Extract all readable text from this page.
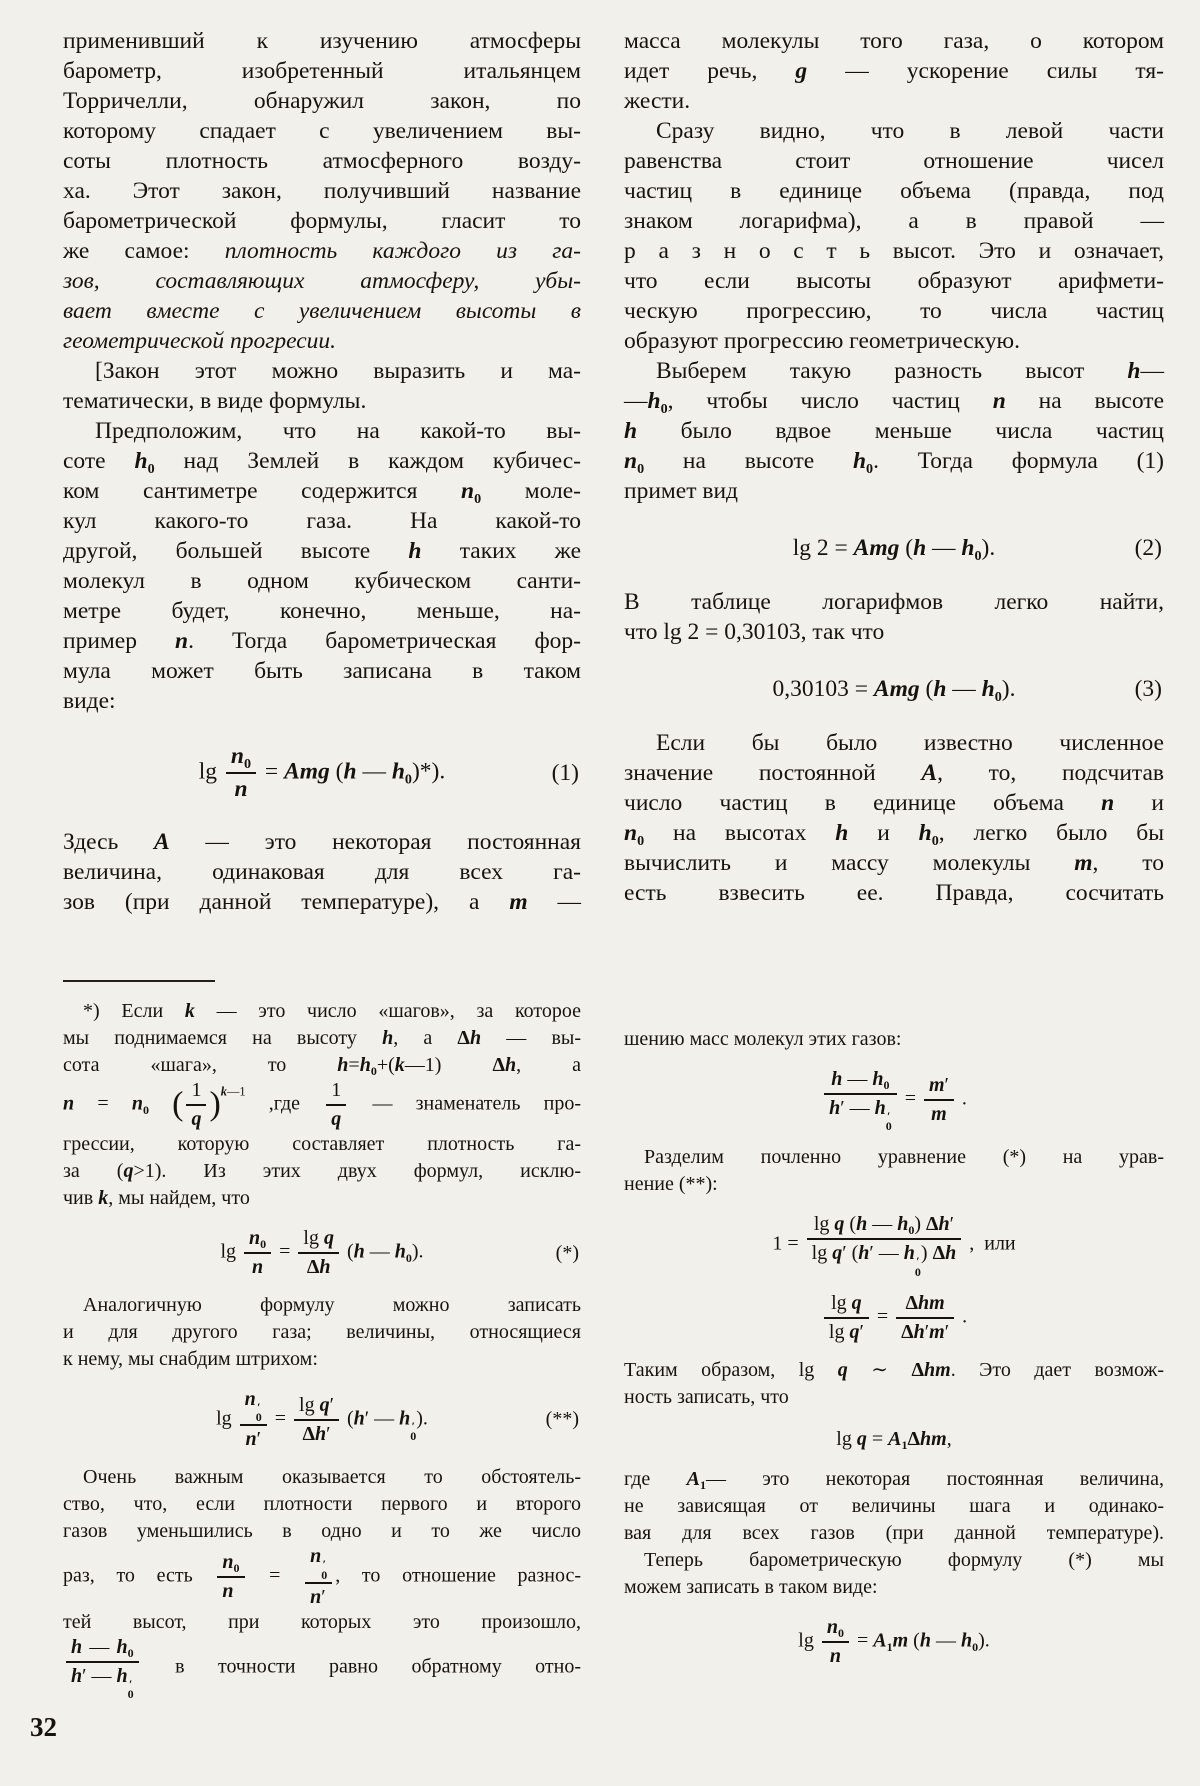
применивший к изучению атмосферы
барометр, изобретенный итальянцем
Торричелли, обнаружил закон, по
которому спадает с увеличением вы-
соты плотность атмосферного возду-
ха. Этот закон, получивший название
барометрической формулы, гласит то
же самое: плотность каждого из га-
зов, составляющих атмосферу, убы-
вает вместе с увеличением высоты в
геометрической прогресии.
[Закон этот можно выразить и ма-
тематически, в виде формулы.
Предположим, что на какой-то вы-
соте $h_0$ над Землей в каждом кубичес-
ком сантиметре содержится $n_0$ моле-
кул какого-то газа. На какой-то
другой, большей высоте h таких же
молекул в одном кубическом санти-
метре будет, конечно, меньше, на-
пример n. Тогда барометрическая фор-
мула может быть записана в таком
виде:
$\lg \frac{n_0}{n}$ = Amg (h — $h_0)*$).	(1)
Здесь A — это некоторая постоянная
величина, одинаковая для всех га-
зов (при данной температуре), а m —
масса молекулы того газа, о котором
идет речь, g — ускорение силы тя-
жести.
Сразу видно, что в левой части
равенства стоит отношение чисел
частиц в единице объема (правда, под
знаком логарифма), а в правой —
р а з н о с т ь высот. Это и означает,
что если высоты образуют арифмети-
ческую прогрессию, то числа частиц
образуют прогрессию геометрическую.
Выберем такую разность высот h—
$—h_0$, чтобы число частиц n на высоте
h было вдвое меньше числа частиц
$n_0$ на высоте $h_0$. Тогда формула (1)
примет вид
lg 2 = Amg (h — $h_0$).	(2)
В таблице логарифмов легко найти,
что lg 2 = 0,30103, так что
0,30103 = Amg (h — $h_0$).	(3)
Если бы было известно численное
значение постоянной A, то, подсчитав
число частиц в единице объема n и
$n_0$ на высотах h и $h_0$, легко было бы
вычислить и массу молекулы m, то
есть взвесить ее. Правда, сосчитать
*) Если k — это число «шагов», за которое
мы поднимаемся на высоту h, а Δh — вы-
сота «шага», то $h=h_0+(k—1)$ Δh, а
$n = n_0$ ( $\frac{1}{q} )^{k—1}$ $,где \frac{1}{q}$ — знаменатель про-
грессии, которую составляет плотность га-
за (q>1). Из этих двух формул, исклю-
чив k, мы найдем, что
$\lg \frac{n_0}{n} = \frac{\text{lg q}}{\Delta h} (h$ — $h_0$).	(*)
Аналогичную формулу можно записать
и для другого газа; величины, относящиеся
к нему, мы снабдим штрихом:
lg n ′
0
$n' = \frac{\text{lg q′}}{\Delta h'} (h'$ — h ′
0
).	(**)
Очень важным оказывается то обстоятель-
ство, что, если плотности первого и второго
газов уменьшились в одно и то же число
раз, то есть $\frac{n_0}{n} = n$ ′
0
n′ , то отношение разнос-
тей высот, при которых это произошло,
h — $h_0$
h′ — h ′
0 в точности равно обратному отно-
шению масс молекул этих газов:
h — $h_0$
h′ — h ′
$0 = \frac{m'}{m}$ .
Разделим почленно уравнение (*) на урав-
нение (**):
1 = lg q (h — $h_0$) Δh′
lg q′ (h′ — h ′
0
) Δh ,  или
$\frac{\text{lg q}}{\text{lg q′}}$ =
Δhm
Δh′m′
.
Таким образом, lg q ∼ Δhm. Это дает возмож-
ность записать, что
$\lg q = A_1\Delta hm$,
где $A_1—$ это некоторая постоянная величина,
не зависящая от величины шага и одинако-
вая для всех газов (при данной температуре).
Теперь барометрическую формулу (*) мы
можем записать в таком виде:
$\lg \frac{n_0}{n} = A_1m$ (h — $h_0$).
32
